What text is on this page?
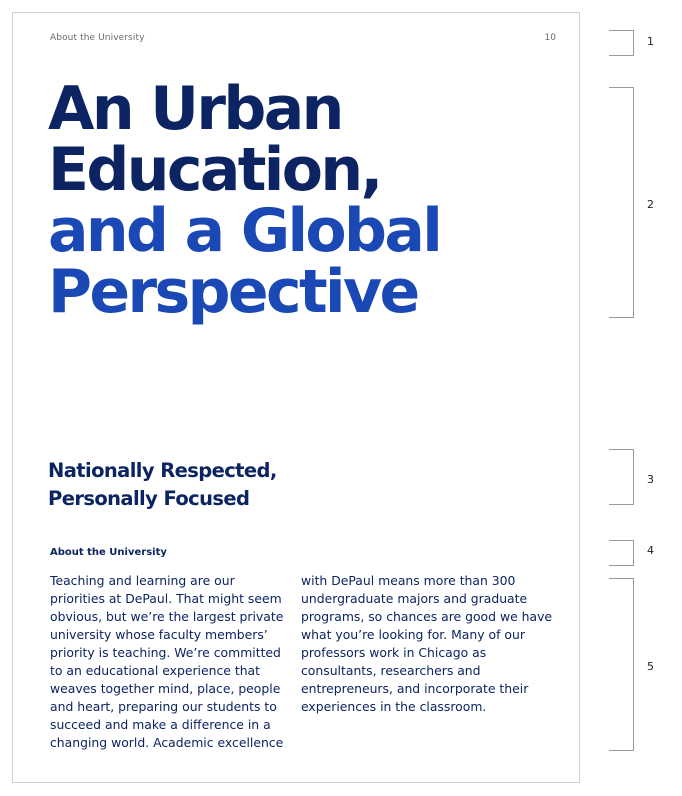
About the University	10
An Urban
Education,
and a Global
Perspective
Nationally Respected,
Personally Focused
About the University

Teaching and learning are our
priorities at DePaul. That might seem
obvious, but we’re the largest private
university whose faculty members’
priority is teaching. We’re committed
to an educational experience that
weaves together mind, place, people
and heart, preparing our students to
succeed and make a difference in a
changing world. Academic excellence

with DePaul means more than 300
undergraduate majors and graduate
programs, so chances are good we have
what you’re looking for. Many of our
professors work in Chicago as
consultants, researchers and
entrepreneurs, and incorporate their
experiences in the classroom.

1
2
3
4
5
